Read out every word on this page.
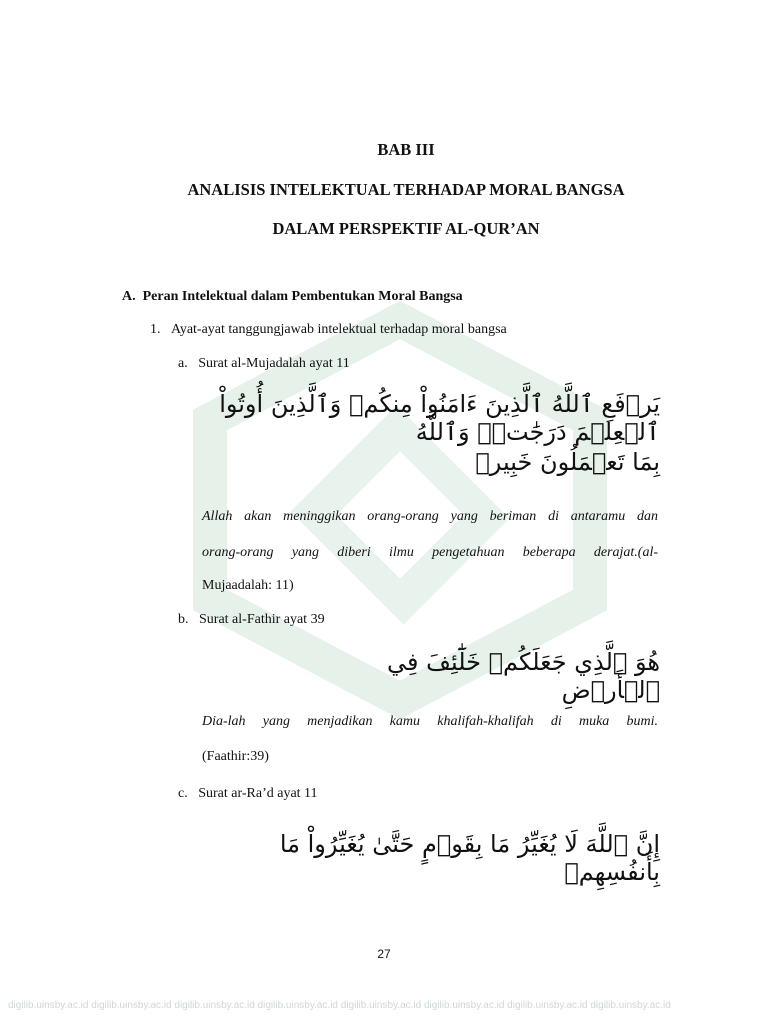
BAB III
ANALISIS INTELEKTUAL TERHADAP MORAL BANGSA
DALAM PERSPEKTIF AL-QUR’AN
A.  Peran Intelektual dalam Pembentukan Moral Bangsa
1.   Ayat-ayat tanggungjawab intelektual terhadap moral bangsa
a.   Surat al-Mujadalah ayat 11
يَرۡفَعِ ٱللَّهُ ٱلَّذِينَ ءَامَنُواْ مِنكُمۡ وَٱلَّذِينَ أُوتُواْ ٱلۡعِلۡمَ دَرَجَٰتٖۚ وَٱللَّهُ
بِمَا تَعۡمَلُونَ خَبِيرٞ
Allah akan meninggikan orang-orang yang beriman di antaramu dan
orang-orang yang diberi ilmu pengetahuan beberapa derajat.(al-
Mujaadalah: 11)
b.   Surat al-Fathir ayat 39
هُوَ ٱلَّذِي جَعَلَكُمۡ خَلَٰٓئِفَ فِي ٱلۡأَرۡضِ
Dia-lah yang menjadikan kamu khalifah-khalifah di muka bumi.
(Faathir:39)
c.   Surat ar-Ra’d ayat 11
إِنَّ ٱللَّهَ لَا يُغَيِّرُ مَا بِقَوۡمٍ حَتَّىٰ يُغَيِّرُواْ مَا بِأَنفُسِهِمۡ
27
digilib.uinsby.ac.id digilib.uinsby.ac.id digilib.uinsby.ac.id digilib.uinsby.ac.id digilib.uinsby.ac.id digilib.uinsby.ac.id digilib.uinsby.ac.id digilib.uinsby.ac.id
